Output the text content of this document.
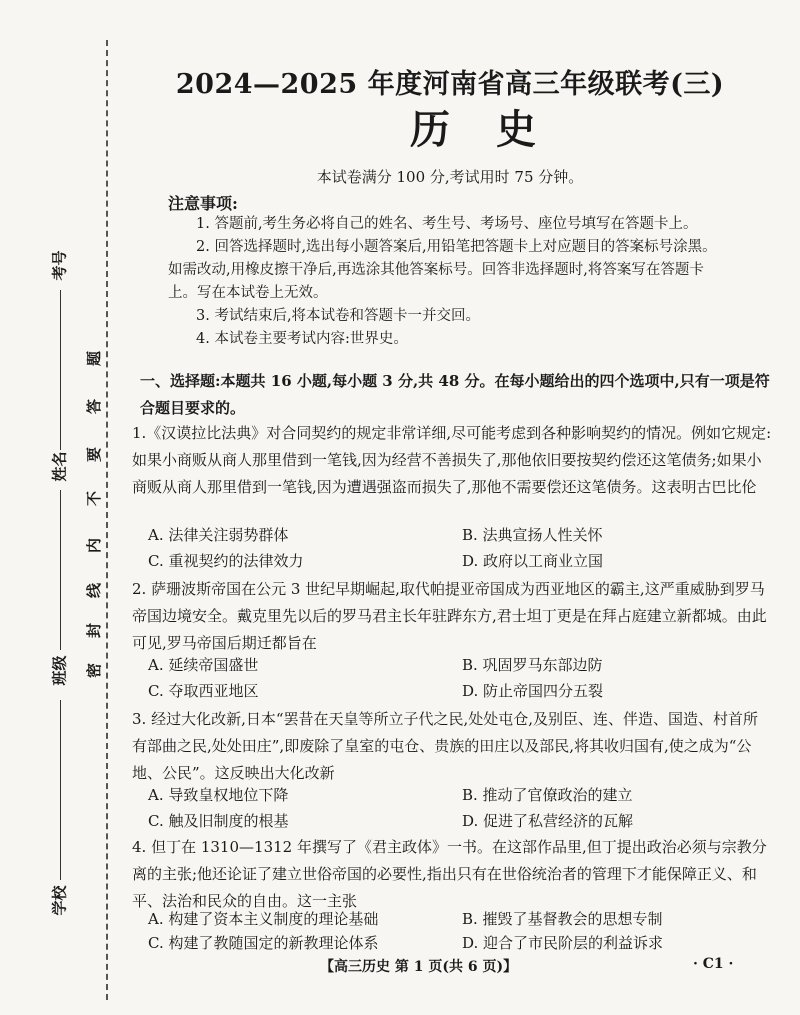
考号
姓名
班级
学校
密
封
线
内
不
要
答
题
2024—2025 年度河南省高三年级联考(三)
历史
本试卷满分 100 分,考试用时 75 分钟。
注意事项:
1. 答题前,考生务必将自己的姓名、考生号、考场号、座位号填写在答题卡上。
2. 回答选择题时,选出每小题答案后,用铅笔把答题卡上对应题目的答案标号涂黑。如需改动,用橡皮擦干净后,再选涂其他答案标号。回答非选择题时,将答案写在答题卡上。写在本试卷上无效。
3. 考试结束后,将本试卷和答题卡一并交回。
4. 本试卷主要考试内容:世界史。
一、选择题:本题共 16 小题,每小题 3 分,共 48 分。在每小题给出的四个选项中,只有一项是符合题目要求的。
1.《汉谟拉比法典》对合同契约的规定非常详细,尽可能考虑到各种影响契约的情况。例如它规定:如果小商贩从商人那里借到一笔钱,因为经营不善损失了,那他依旧要按契约偿还这笔债务;如果小商贩从商人那里借到一笔钱,因为遭遇强盗而损失了,那他不需要偿还这笔债务。这表明古巴比伦
A. 法律关注弱势群体	B. 法典宣扬人性关怀
C. 重视契约的法律效力	D. 政府以工商业立国
2. 萨珊波斯帝国在公元 3 世纪早期崛起,取代帕提亚帝国成为西亚地区的霸主,这严重威胁到罗马帝国边境安全。戴克里先以后的罗马君主长年驻跸东方,君士坦丁更是在拜占庭建立新都城。由此可见,罗马帝国后期迁都旨在
A. 延续帝国盛世	B. 巩固罗马东部边防
C. 夺取西亚地区	D. 防止帝国四分五裂
3. 经过大化改新,日本“罢昔在天皇等所立子代之民,处处屯仓,及别臣、连、伴造、国造、村首所有部曲之民,处处田庄”,即废除了皇室的屯仓、贵族的田庄以及部民,将其收归国有,使之成为“公地、公民”。这反映出大化改新
A. 导致皇权地位下降	B. 推动了官僚政治的建立
C. 触及旧制度的根基	D. 促进了私营经济的瓦解
4. 但丁在 1310—1312 年撰写了《君主政体》一书。在这部作品里,但丁提出政治必须与宗教分离的主张;他还论证了建立世俗帝国的必要性,指出只有在世俗统治者的管理下才能保障正义、和平、法治和民众的自由。这一主张
A. 构建了资本主义制度的理论基础	B. 摧毁了基督教会的思想专制
C. 构建了教随国定的新教理论体系	D. 迎合了市民阶层的利益诉求
【高三历史 第 1 页(共 6 页)】	· C1 ·
